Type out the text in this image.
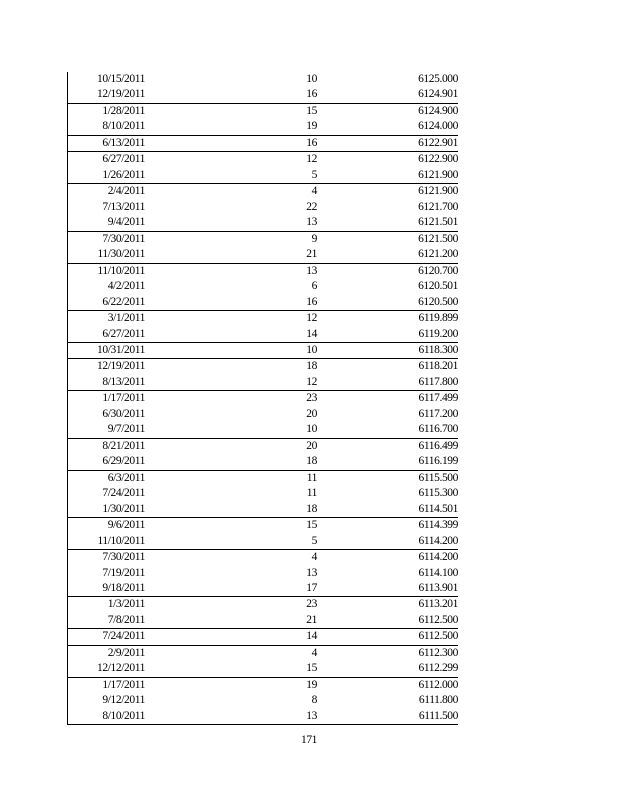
10/15/2011	10	6125.000
12/19/2011	16	6124.901
1/28/2011	15	6124.900
8/10/2011	19	6124.000
6/13/2011	16	6122.901
6/27/2011	12	6122.900
1/26/2011	5	6121.900
2/4/2011	4	6121.900
7/13/2011	22	6121.700
9/4/2011	13	6121.501
7/30/2011	9	6121.500
11/30/2011	21	6121.200
11/10/2011	13	6120.700
4/2/2011	6	6120.501
6/22/2011	16	6120.500
3/1/2011	12	6119.899
6/27/2011	14	6119.200
10/31/2011	10	6118.300
12/19/2011	18	6118.201
8/13/2011	12	6117.800
1/17/2011	23	6117.499
6/30/2011	20	6117.200
9/7/2011	10	6116.700
8/21/2011	20	6116.499
6/29/2011	18	6116.199
6/3/2011	11	6115.500
7/24/2011	11	6115.300
1/30/2011	18	6114.501
9/6/2011	15	6114.399
11/10/2011	5	6114.200
7/30/2011	4	6114.200
7/19/2011	13	6114.100
9/18/2011	17	6113.901
1/3/2011	23	6113.201
7/8/2011	21	6112.500
7/24/2011	14	6112.500
2/9/2011	4	6112.300
12/12/2011	15	6112.299
1/17/2011	19	6112.000
9/12/2011	8	6111.800
8/10/2011	13	6111.500
171
